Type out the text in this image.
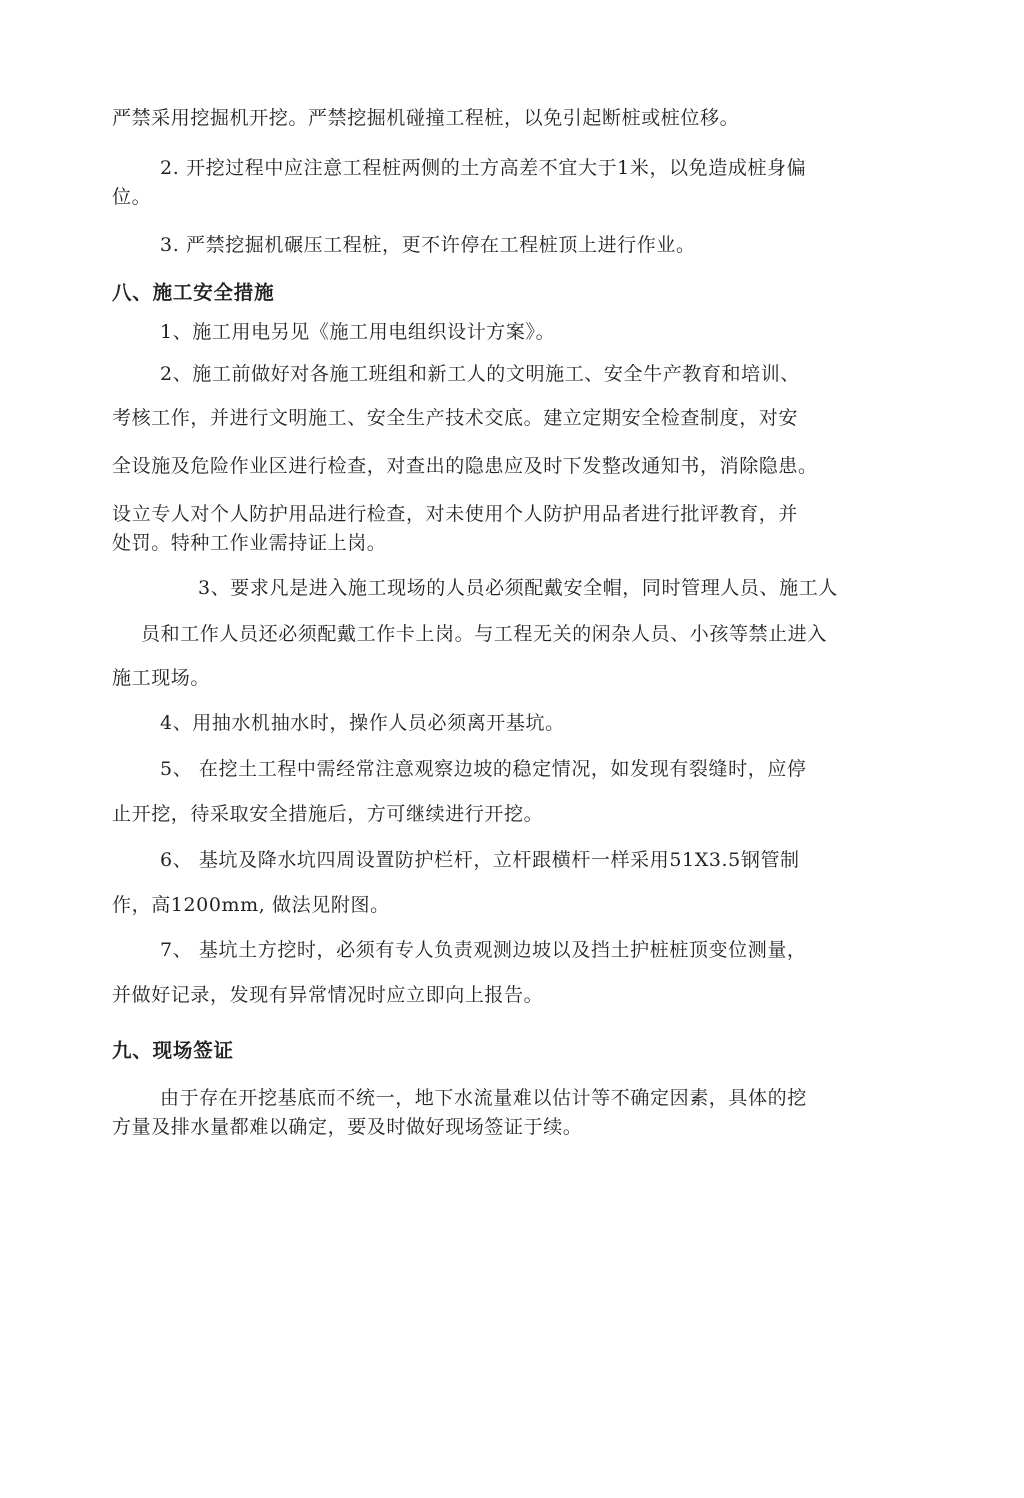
严禁采用挖掘机开挖。严禁挖掘机碰撞工程桩，以免引起断桩或桩位移。

2. 开挖过程中应注意工程桩两侧的土方高差不宜大于1米，以免造成桩身偏

位。

3. 严禁挖掘机碾压工程桩，更不许停在工程桩顶上进行作业。

八、施工安全措施

1、施工用电另见《施工用电组织设计方案》。

2、施工前做好对各施工班组和新工人的文明施工、安全牛产教育和培训、

考核工作，并进行文明施工、安全生产技术交底。建立定期安全检查制度，对安

全设施及危险作业区进行检查，对查出的隐患应及时下发整改通知书，消除隐患。

设立专人对个人防护用品进行检查，对未使用个人防护用品者进行批评教育，并

处罚。特种工作业需持证上岗。

3、要求凡是进入施工现场的人员必须配戴安全帽，同时管理人员、施工人

员和工作人员还必须配戴工作卡上岗。与工程无关的闲杂人员、小孩等禁止进入

施工现场。

4、用抽水机抽水时，操作人员必须离开基坑。

5、 在挖土工程中需经常注意观察边坡的稳定情况，如发现有裂缝时，应停

止开挖，待采取安全措施后，方可继续进行开挖。

6、 基坑及降水坑四周设置防护栏杆，立杆跟横杆一样采用51X3.5钢管制

作，高1200mm, 做法见附图。

7、 基坑土方挖时，必须有专人负责观测边坡以及挡土护桩桩顶变位测量，

并做好记录，发现有异常情况时应立即向上报告。

九、现场签证

由于存在开挖基底而不统一，地下水流量难以估计等不确定因素，具体的挖

方量及排水量都难以确定，要及时做好现场签证于续。
